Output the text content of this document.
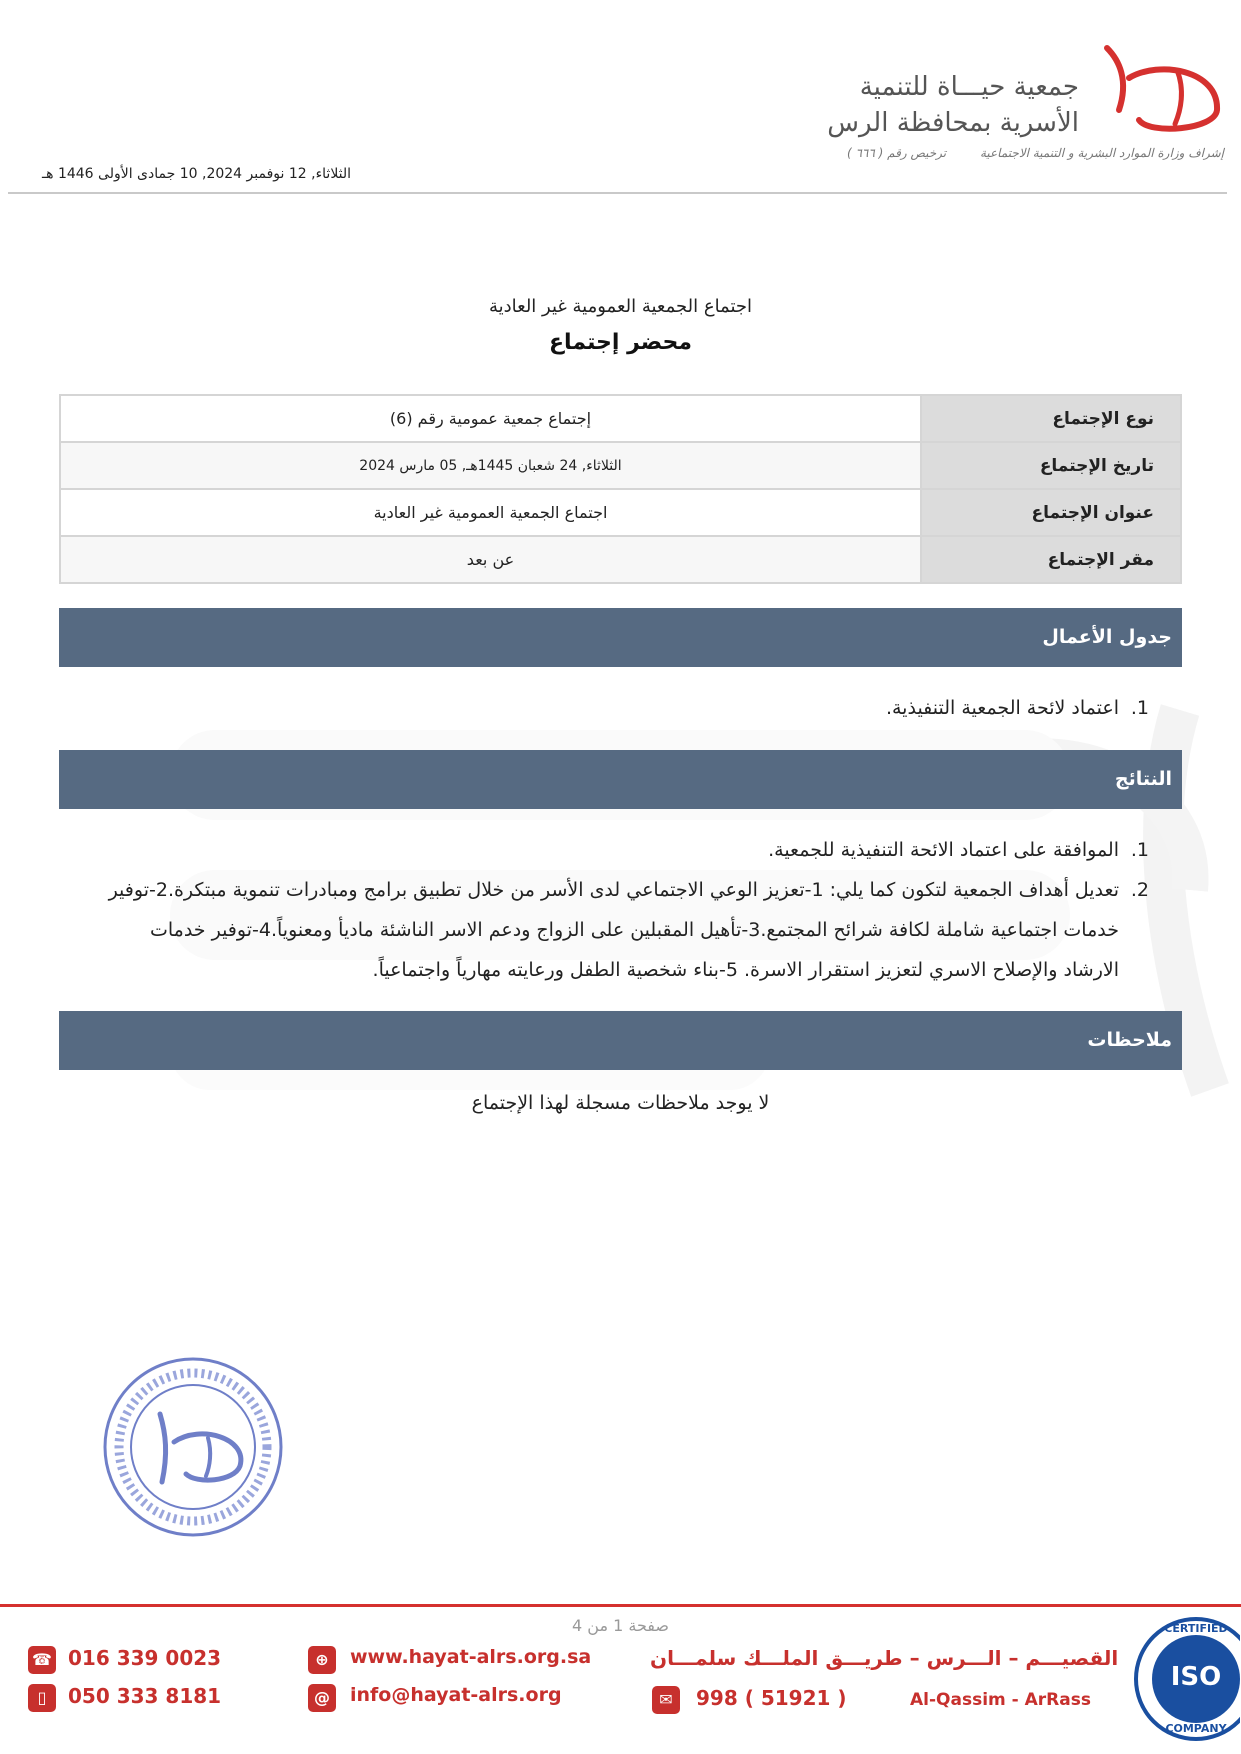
جمعية حيـــاة للتنمية
الأسرية بمحافظة الرس
إشراف وزارة الموارد البشرية و التنمية الاجتماعية ترخيص رقم ( ٦٦٦ )
الثلاثاء, 12 نوفمبر 2024, 10 جمادى الأولى 1446 هـ
اجتماع الجمعية العمومية غير العادية
محضر إجتماع
نوع الإجتماع	إجتماع جمعية عمومية رقم (6)
تاريخ الإجتماع	الثلاثاء, 24 شعبان 1445هـ, 05 مارس 2024
عنوان الإجتماع	اجتماع الجمعية العمومية غير العادية
مقر الإجتماع	عن بعد
جدول الأعمال
1.
اعتماد لائحة الجمعية التنفيذية.
النتائج
1.
الموافقة على اعتماد الائحة التنفيذية للجمعية.
2.
تعديل أهداف الجمعية لتكون كما يلي: 1-تعزيز الوعي الاجتماعي لدى الأسر من خلال تطبيق برامج ومبادرات تنموية مبتكرة.2-توفير خدمات اجتماعية شاملة لكافة شرائح المجتمع.3-تأهيل المقبلين على الزواج ودعم الاسر الناشئة ماديأ ومعنوياً.4-توفير خدمات الارشاد والإصلاح الاسري لتعزيز استقرار الاسرة. 5-بناء شخصية الطفل ورعايته مهارياً واجتماعياً.
ملاحظات
لا يوجد ملاحظات مسجلة لهذا الإجتماع
صفحة 1 من 4
☎ 016 339 0023
▯	050 333 8181
⊕	www.hayat-alrs.org.sa
@	info@hayat-alrs.org
القصيـــم – الـــرس – طريـــق الملـــك سلمـــان
✉	998 ( 51921 )	Al-Qassim - ArRass
CERTIFIED
ISO
COMPANY
